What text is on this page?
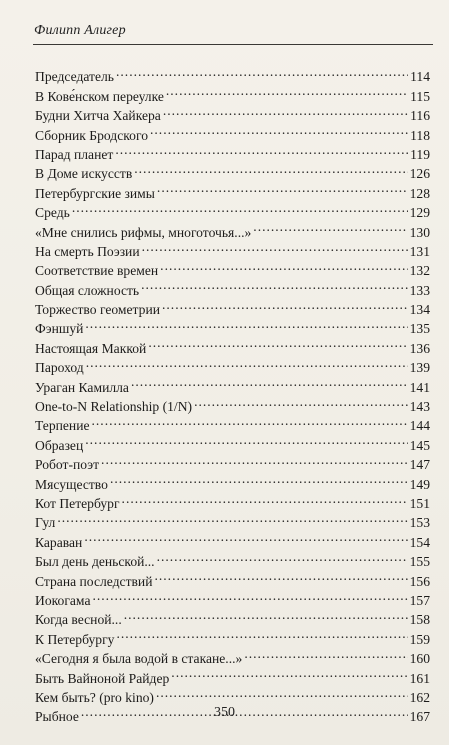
Филипп Алигер
Председатель . . .	114
В Кове́нском переулке . . .	115
Будни Хитча Хайкера . . .	116
Сборник Бродского . . .	118
Парад планет . . .	119
В Доме искусств . . .	126
Петербургские зимы . . .	128
Средь . . .	129
«Мне снились рифмы, многоточья...» . . .	130
На смерть Поэзии . . .	131
Соответствие времен . . .	132
Общая сложность . . .	133
Торжество геометрии . . .	134
Фэншуй . . .	135
Настоящая Маккой . . .	136
Пароход . . .	139
Ураган Камилла . . .	141
One-to-N Relationship (1/N) . . .	143
Терпение . . .	144
Образец . . .	145
Робот-поэт . . .	147
Мясущество . . .	149
Кот Петербург . . .	151
Гул . . .	153
Караван . . .	154
Был день деньской... . . .	155
Страна последствий . . .	156
Иокогама . . .	157
Когда весной... . . .	158
К Петербургу . . .	159
«Сегодня я была водой в стакане...» . . .	160
Быть Вайноной Райдер . . .	161
Кем быть? (pro kino) . . .	162
Рыбное . . .	167
350
